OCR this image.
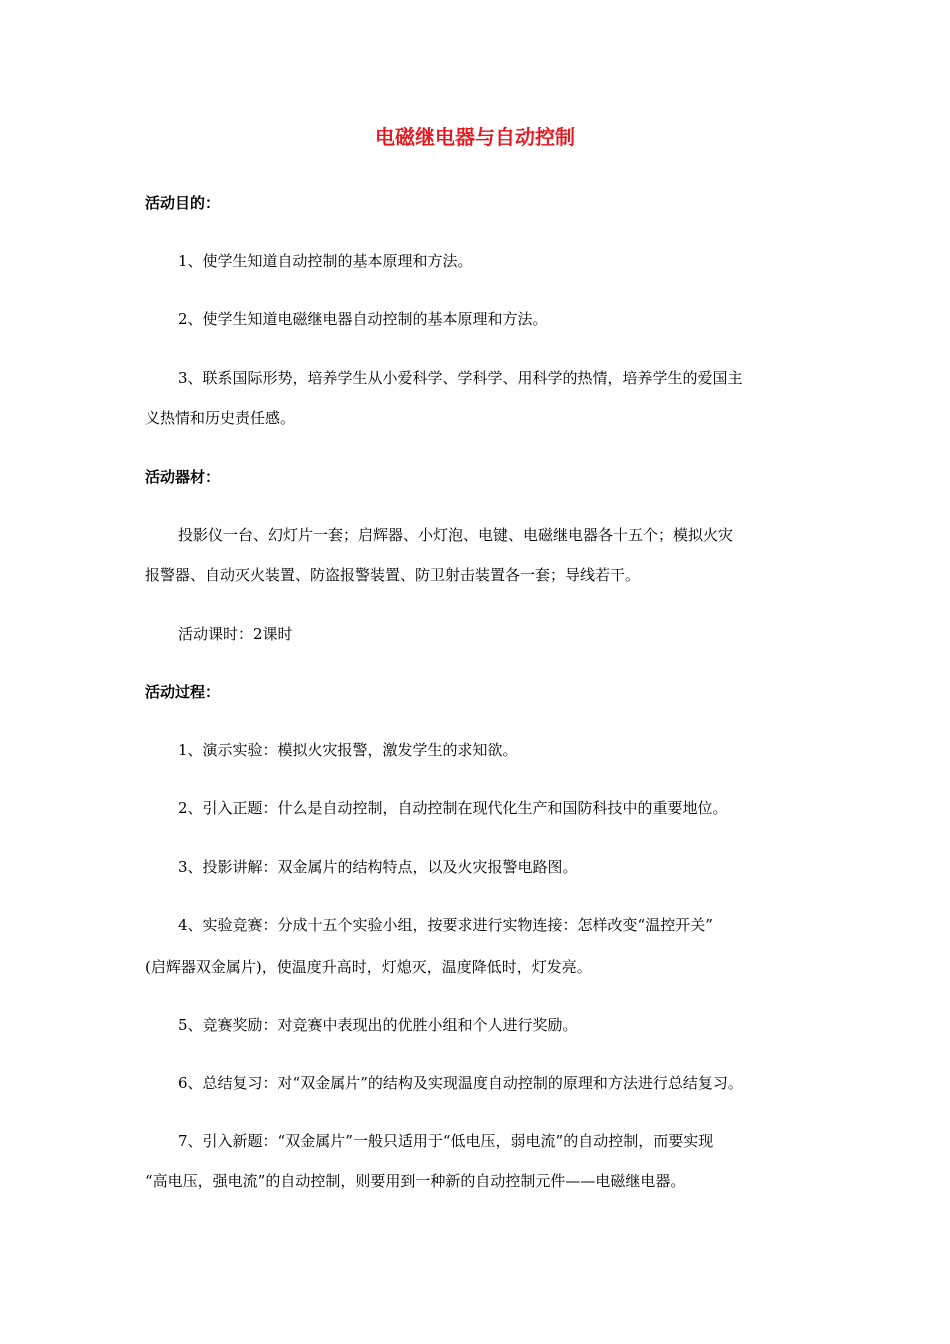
电磁继电器与自动控制
活动目的：
1、使学生知道自动控制的基本原理和方法。
2、使学生知道电磁继电器自动控制的基本原理和方法。
3、联系国际形势，培养学生从小爱科学、学科学、用科学的热情，培养学生的爱国主
义热情和历史责任感。
活动器材：
投影仪一台、幻灯片一套；启辉器、小灯泡、电键、电磁继电器各十五个；模拟火灾
报警器、自动灭火装置、防盗报警装置、防卫射击装置各一套；导线若干。
活动课时：2课时
活动过程：
1、演示实验：模拟火灾报警，激发学生的求知欲。
2、引入正题：什么是自动控制，自动控制在现代化生产和国防科技中的重要地位。
3、投影讲解：双金属片的结构特点，以及火灾报警电路图。
4、实验竞赛：分成十五个实验小组，按要求进行实物连接：怎样改变“温控开关”
(启辉器双金属片)，使温度升高时，灯熄灭，温度降低时，灯发亮。
5、竞赛奖励：对竞赛中表现出的优胜小组和个人进行奖励。
6、总结复习：对“双金属片”的结构及实现温度自动控制的原理和方法进行总结复习。
7、引入新题：“双金属片”一般只适用于“低电压，弱电流”的自动控制，而要实现
“高电压，强电流”的自动控制，则要用到一种新的自动控制元件——电磁继电器。
